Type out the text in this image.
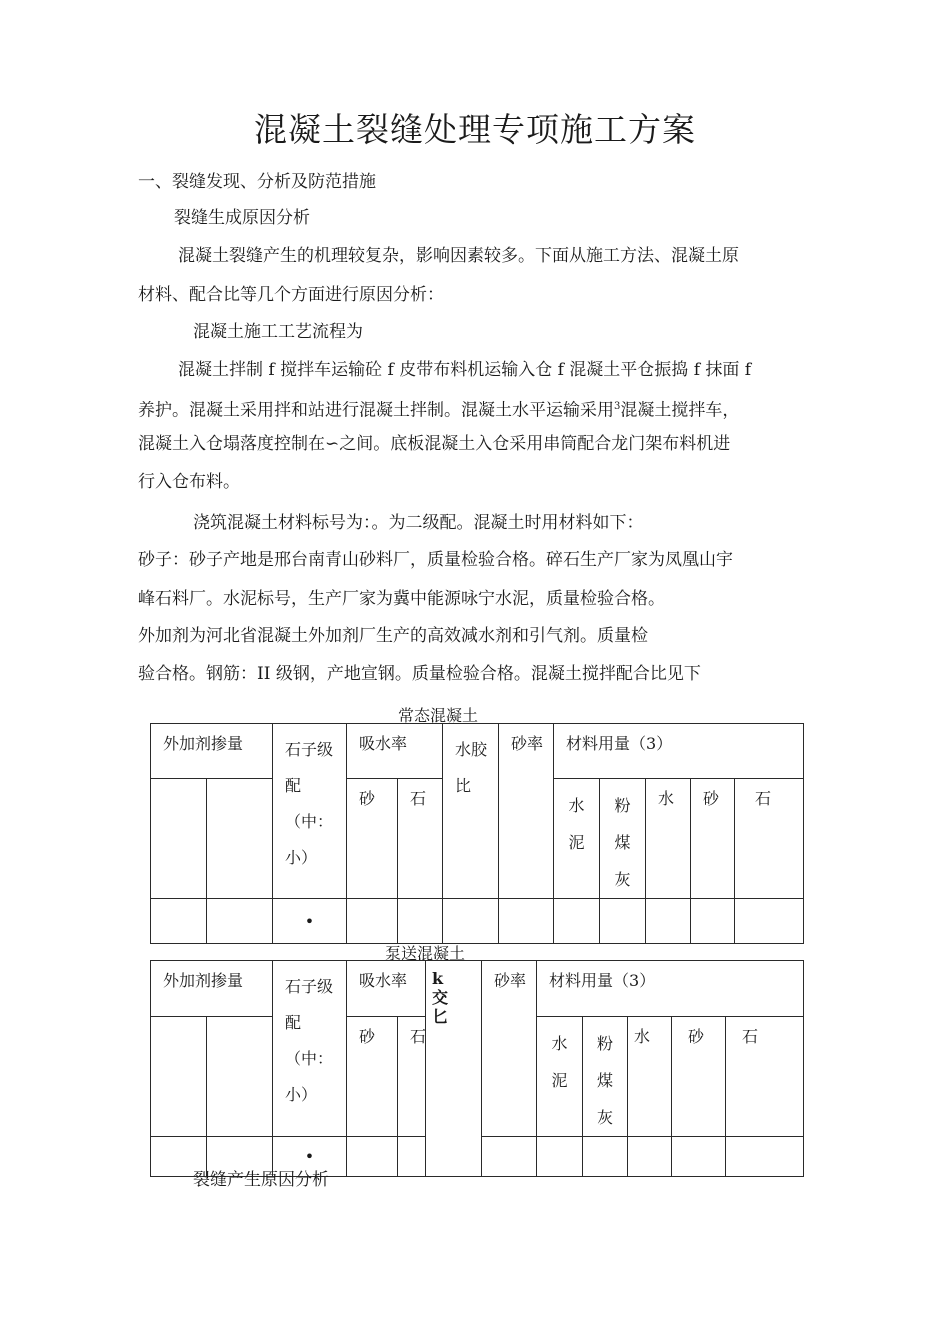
混凝土裂缝处理专项施工方案
一、裂缝发现、分析及防范措施
裂缝生成原因分析
混凝土裂缝产生的机理较复杂，影响因素较多。下面从施工方法、混凝土原
材料、配合比等几个方面进行原因分析：
混凝土施工工艺流程为
混凝土拌制 f 搅拌车运输砼 f 皮带布料机运输入仓 f 混凝土平仓振捣 f 抹面 f
养护。混凝土采用拌和站进行混凝土拌制。混凝土水平运输采用$^3$混凝土搅拌车，
混凝土入仓塌落度控制在∽之间。底板混凝土入仓采用串筒配合龙门架布料机进
行入仓布料。
浇筑混凝土材料标号为：。为二级配。混凝土时用材料如下：
砂子：砂子产地是邢台南青山砂料厂，质量检验合格。碎石生产厂家为凤凰山宇
峰石料厂。水泥标号，生产厂家为冀中能源咏宁水泥，质量检验合格。
外加剂为河北省混凝土外加剂厂生产的高效减水剂和引气剂。质量检
验合格。钢筋：II 级钢，产地宣钢。质量检验合格。混凝土搅拌配合比见下
常态混凝土
外加剂掺量		石子级配（中：小）	吸水率		水胶比	砂率	材料用量（3）				

			砂	石			水泥	粉煤灰	水	砂	石

		•									
泵送混凝土
外加剂掺量		石子级配（中：小）	吸水率		k交匕	砂率	材料用量（3）				

			砂	石			水泥	粉煤灰	水	砂	石

		•									
裂缝产生原因分析
